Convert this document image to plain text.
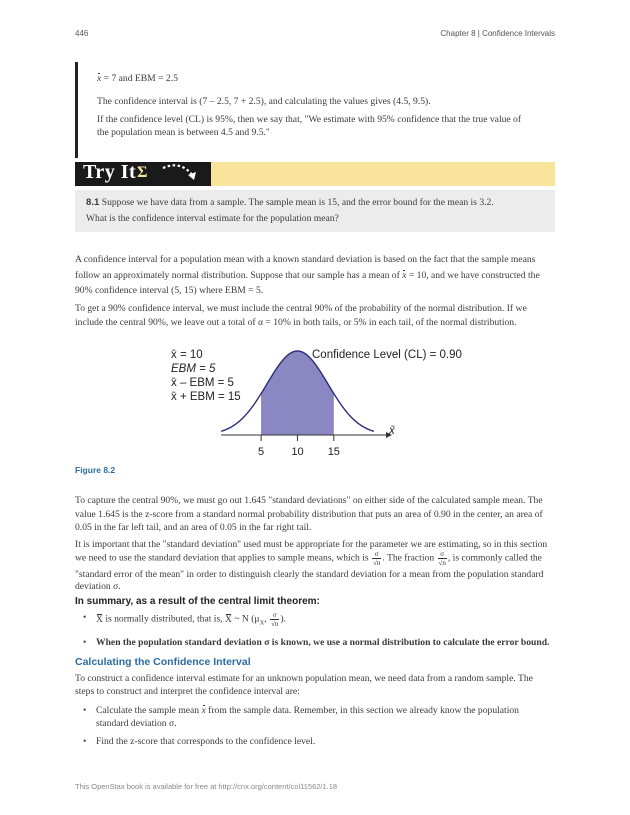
446	Chapter 8 | Confidence Intervals
x = 7 and EBM = 2.5
The confidence interval is (7 – 2.5, 7 + 2.5), and calculating the values gives (4.5, 9.5).
If the confidence level (CL) is 95%, then we say that, "We estimate with 95% confidence that the true value of
the population mean is between 4.5 and 9.5."
Try It Σ
8.1 Suppose we have data from a sample. The sample mean is 15, and the error bound for the mean is 3.2.
What is the confidence interval estimate for the population mean?
A confidence interval for a population mean with a known standard deviation is based on the fact that the sample means
follow an approximately normal distribution. Suppose that our sample has a mean of x = 10, and we have constructed the
90% confidence interval (5, 15) where EBM = 5.
To get a 90% confidence interval, we must include the central 90% of the probability of the normal distribution. If we
include the central 90%, we leave out a total of α = 10% in both tails, or 5% in each tail, of the normal distribution.
5 10 15
x̄ = 10
EBM = 5
x̄ – EBM = 5
x̄ + EBM = 15
Confidence Level (CL) = 0.90
x̄
Figure 8.2
To capture the central 90%, we must go out 1.645 "standard deviations" on either side of the calculated sample mean. The
value 1.645 is the z-score from a standard normal probability distribution that puts an area of 0.90 in the center, an area of
0.05 in the far left tail, and an area of 0.05 in the far right tail.
It is important that the "standard deviation" used must be appropriate for the parameter we are estimating, so in this section
we need to use the standard deviation that applies to sample means, which is $\frac{\sigma}{√n}$ . The fraction $\frac{\sigma}{√n}$ , is commonly called the
"standard error of the mean" in order to distinguish clearly the standard deviation for a mean from the population standard
deviation σ.
In summary, as a result of the central limit theorem:
• X is normally distributed, that is, X ~ N ($\mu_X$, $\frac{\sigma}{√n}$ ).
• When the population standard deviation σ is known, we use a normal distribution to calculate the error bound.
Calculating the Confidence Interval
To construct a confidence interval estimate for an unknown population mean, we need data from a random sample. The
steps to construct and interpret the confidence interval are:
• Calculate the sample mean x from the sample data. Remember, in this section we already know the population
standard deviation σ.
• Find the z-score that corresponds to the confidence level.
This OpenStax book is available for free at http://cnx.org/content/col11562/1.18
